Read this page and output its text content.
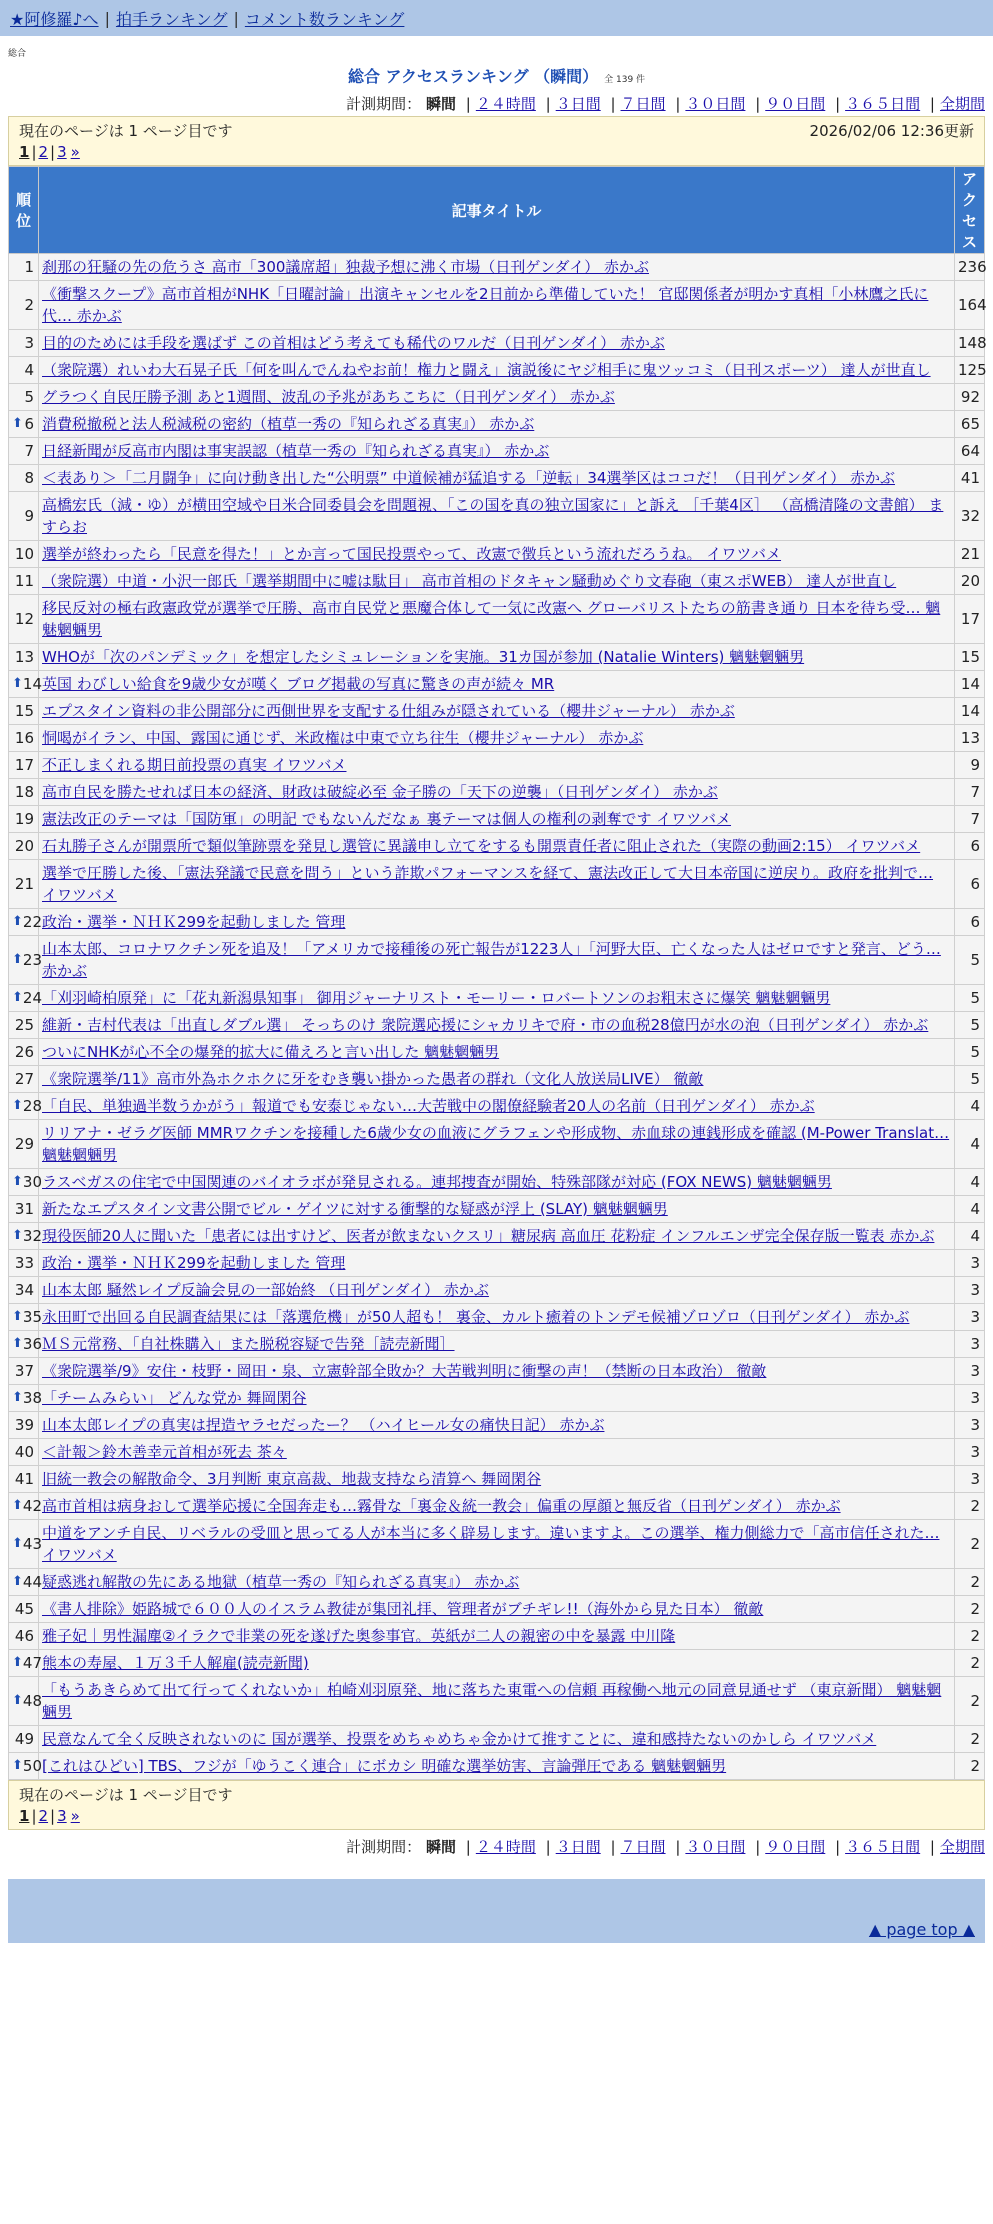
★阿修羅♪へ | 拍手ランキング | コメント数ランキング
総合
総合 アクセスランキング （瞬間） 全 139 件
計測期間： 瞬間 | ２４時間 | ３日間 | ７日間 | ３０日間 | ９０日間 | ３６５日間 | 全期間
現在のページは 1 ページ目です	2026/02/06 12:36更新
1 | 2 | 3 »
順位	記事タイトル	アクセス
1	刹那の狂騒の先の危うさ 高市「300議席超」独裁予想に沸く市場（日刊ゲンダイ） 赤かぶ	236
2	《衝撃スクープ》高市首相がNHK「日曜討論」出演キャンセルを2日前から準備していた！ 官邸関係者が明かす真相「小林鷹之氏に代… 赤かぶ	164
3	目的のためには手段を選ばず この首相はどう考えても稀代のワルだ（日刊ゲンダイ） 赤かぶ	148
4	（衆院選）れいわ大石晃子氏「何を叫んでんねやお前！権力と闘え」演説後にヤジ相手に鬼ツッコミ（日刊スポーツ） 達人が世直し	125
5	グラつく自民圧勝予測 あと1週間、波乱の予兆があちこちに（日刊ゲンダイ） 赤かぶ	92

⬆ 6	消費税撤税と法人税減税の密約（植草一秀の『知られざる真実』） 赤かぶ	65
7	日経新聞が反高市内閣は事実誤認（植草一秀の『知られざる真実』） 赤かぶ	64
8	＜表あり＞「二月闘争」に向け動き出した“公明票” 中道候補が猛追する「逆転」34選挙区はココだ！（日刊ゲンダイ） 赤かぶ	41
9	高橋宏氏（減・ゆ）が横田空域や日米合同委員会を問題視、「この国を真の独立国家に」と訴え ［千葉4区］ （高橋清隆の文書館） ますらお	32
10	選挙が終わったら「民意を得た！」とか言って国民投票やって、改憲で徴兵という流れだろうね。 イワツバメ	21
11	（衆院選）中道・小沢一郎氏「選挙期間中に嘘は駄目」 高市首相のドタキャン騒動めぐり文春砲（東スポWEB） 達人が世直し	20
12	移民反対の極右政憲政党が選挙で圧勝、高市自民党と悪魔合体して一気に改憲へ グローバリストたちの筋書き通り 日本を待ち受… 魑魅魍魎男	17
13	WHOが「次のパンデミック」を想定したシミュレーションを実施。31カ国が参加 (Natalie Winters) 魑魅魍魎男	15

⬆ 14	英国 わびしい給食を9歳少女が嘆く ブログ掲載の写真に驚きの声が続々 MR	14
15	エプスタイン資料の非公開部分に西側世界を支配する仕組みが隠されている（櫻井ジャーナル） 赤かぶ	14
16	恫喝がイラン、中国、露国に通じず、米政権は中東で立ち往生（櫻井ジャーナル） 赤かぶ	13
17	不正しまくれる期日前投票の真実 イワツバメ	9
18	高市自民を勝たせれば日本の経済、財政は破綻必至 金子勝の「天下の逆襲」（日刊ゲンダイ） 赤かぶ	7
19	憲法改正のテーマは「国防軍」の明記 でもないんだなぁ 裏テーマは個人の権利の剥奪です イワツバメ	7
20	石丸勝子さんが開票所で類似筆跡票を発見し選管に異議申し立てをするも開票責任者に阻止された（実際の動画2:15） イワツバメ	6
21	選挙で圧勝した後、「憲法発議で民意を問う」という詐欺パフォーマンスを経て、憲法改正して大日本帝国に逆戻り。政府を批判で… イワツバメ	6

⬆ 22	政治・選挙・ＮＨＫ299を起動しました 管理	6

⬆ 23	山本太郎、コロナワクチン死を追及！「アメリカで接種後の死亡報告が1223人」「河野大臣、亡くなった人はゼロですと発言、どう… 赤かぶ	5

⬆ 24	「刈羽崎柏原発」に「花丸新潟県知事」 御用ジャーナリスト・モーリー・ロバートソンのお粗末さに爆笑 魑魅魍魎男	5
25	維新・吉村代表は「出直しダブル選」 そっちのけ 衆院選応援にシャカリキで府・市の血税28億円が水の泡（日刊ゲンダイ） 赤かぶ	5
26	ついにNHKが心不全の爆発的拡大に備えろと言い出した 魑魅魍魎男	5
27	《衆院選挙/11》高市外為ホクホクに牙をむき襲い掛かった愚者の群れ（文化人放送局LIVE） 徹敵	5

⬆ 28	「自民、単独過半数うかがう」報道でも安泰じゃない…大苦戦中の閣僚経験者20人の名前（日刊ゲンダイ） 赤かぶ	4
29	リリアナ・ゼラグ医師 MMRワクチンを接種した6歳少女の血液にグラフェンや形成物、赤血球の連銭形成を確認 (M-Power Translat… 魑魅魍魎男	4

⬆ 30	ラスベガスの住宅で中国関連のバイオラボが発見される。連邦捜査が開始、特殊部隊が対応 (FOX NEWS) 魑魅魍魎男	4
31	新たなエプスタイン文書公開でビル・ゲイツに対する衝撃的な疑惑が浮上 (SLAY) 魑魅魍魎男	4

⬆ 32	現役医師20人に聞いた「患者には出すけど、医者が飲まないクスリ」糖尿病 高血圧 花粉症 インフルエンザ完全保存版一覧表 赤かぶ	4
33	政治・選挙・ＮＨＫ299を起動しました 管理	3
34	山本太郎 騒然レイプ反論会見の一部始終 （日刊ゲンダイ） 赤かぶ	3

⬆ 35	永田町で出回る自民調査結果には「落選危機」が50人超も！ 裏金、カルト癒着のトンデモ候補ゾロゾロ（日刊ゲンダイ） 赤かぶ	3

⬆ 36	ＭＳ元常務、「自社株購入」また脱税容疑で告発［読売新聞］	3
37	《衆院選挙/9》安住・枝野・岡田・泉、立憲幹部全敗か？大苦戦判明に衝撃の声！（禁断の日本政治） 徹敵	3

⬆ 38	「チームみらい」 どんな党か 舞岡閑谷	3
39	山本太郎レイプの真実は捏造ヤラセだったー？ （ハイヒール女の痛快日記） 赤かぶ	3
40	＜計報＞鈴木善幸元首相が死去 茶々	3
41	旧統一教会の解散命令、3月判断 東京高裁、地裁支持なら清算へ 舞岡閑谷	3

⬆ 42	高市首相は病身おして選挙応援に全国奔走も…霧骨な「裏金＆統一教会」偏重の厚顔と無反省（日刊ゲンダイ） 赤かぶ	2

⬆ 43	中道をアンチ自民、リベラルの受皿と思ってる人が本当に多く辟易します。違いますよ。この選挙、権力側総力で「高市信任された… イワツバメ	2

⬆ 44	疑惑逃れ解散の先にある地獄（植草一秀の『知られざる真実』） 赤かぶ	2
45	《書人排除》姫路城で６００人のイスラム教徒が集団礼拝、管理者がブチギレ!!（海外から見た日本） 徹敵	2
46	雅子妃｜男性漏塵②イラクで非業の死を遂げた奥参事官。英紙が二人の親密の中を暴露 中川隆	2

⬆ 47	熊本の寿屋、１万３千人解雇(読売新聞)	2

⬆ 48	「もうあきらめて出て行ってくれないか」柏崎刈羽原発、地に落ちた東電への信頼 再稼働へ地元の同意見通せず （東京新聞） 魑魅魍魎男	2
49	民意なんて全く反映されないのに 国が選挙、投票をめちゃめちゃ金かけて推すことに、違和感持たないのかしら イワツバメ	2

⬆ 50	[これはひどい] TBS、フジが「ゆうこく連合」にボカシ 明確な選挙妨害、言論弾圧である 魑魅魍魎男	2
現在のページは 1 ページ目です
1 | 2 | 3 »
計測期間： 瞬間 | ２４時間 | ３日間 | ７日間 | ３０日間 | ９０日間 | ３６５日間 | 全期間
▲ page top ▲
